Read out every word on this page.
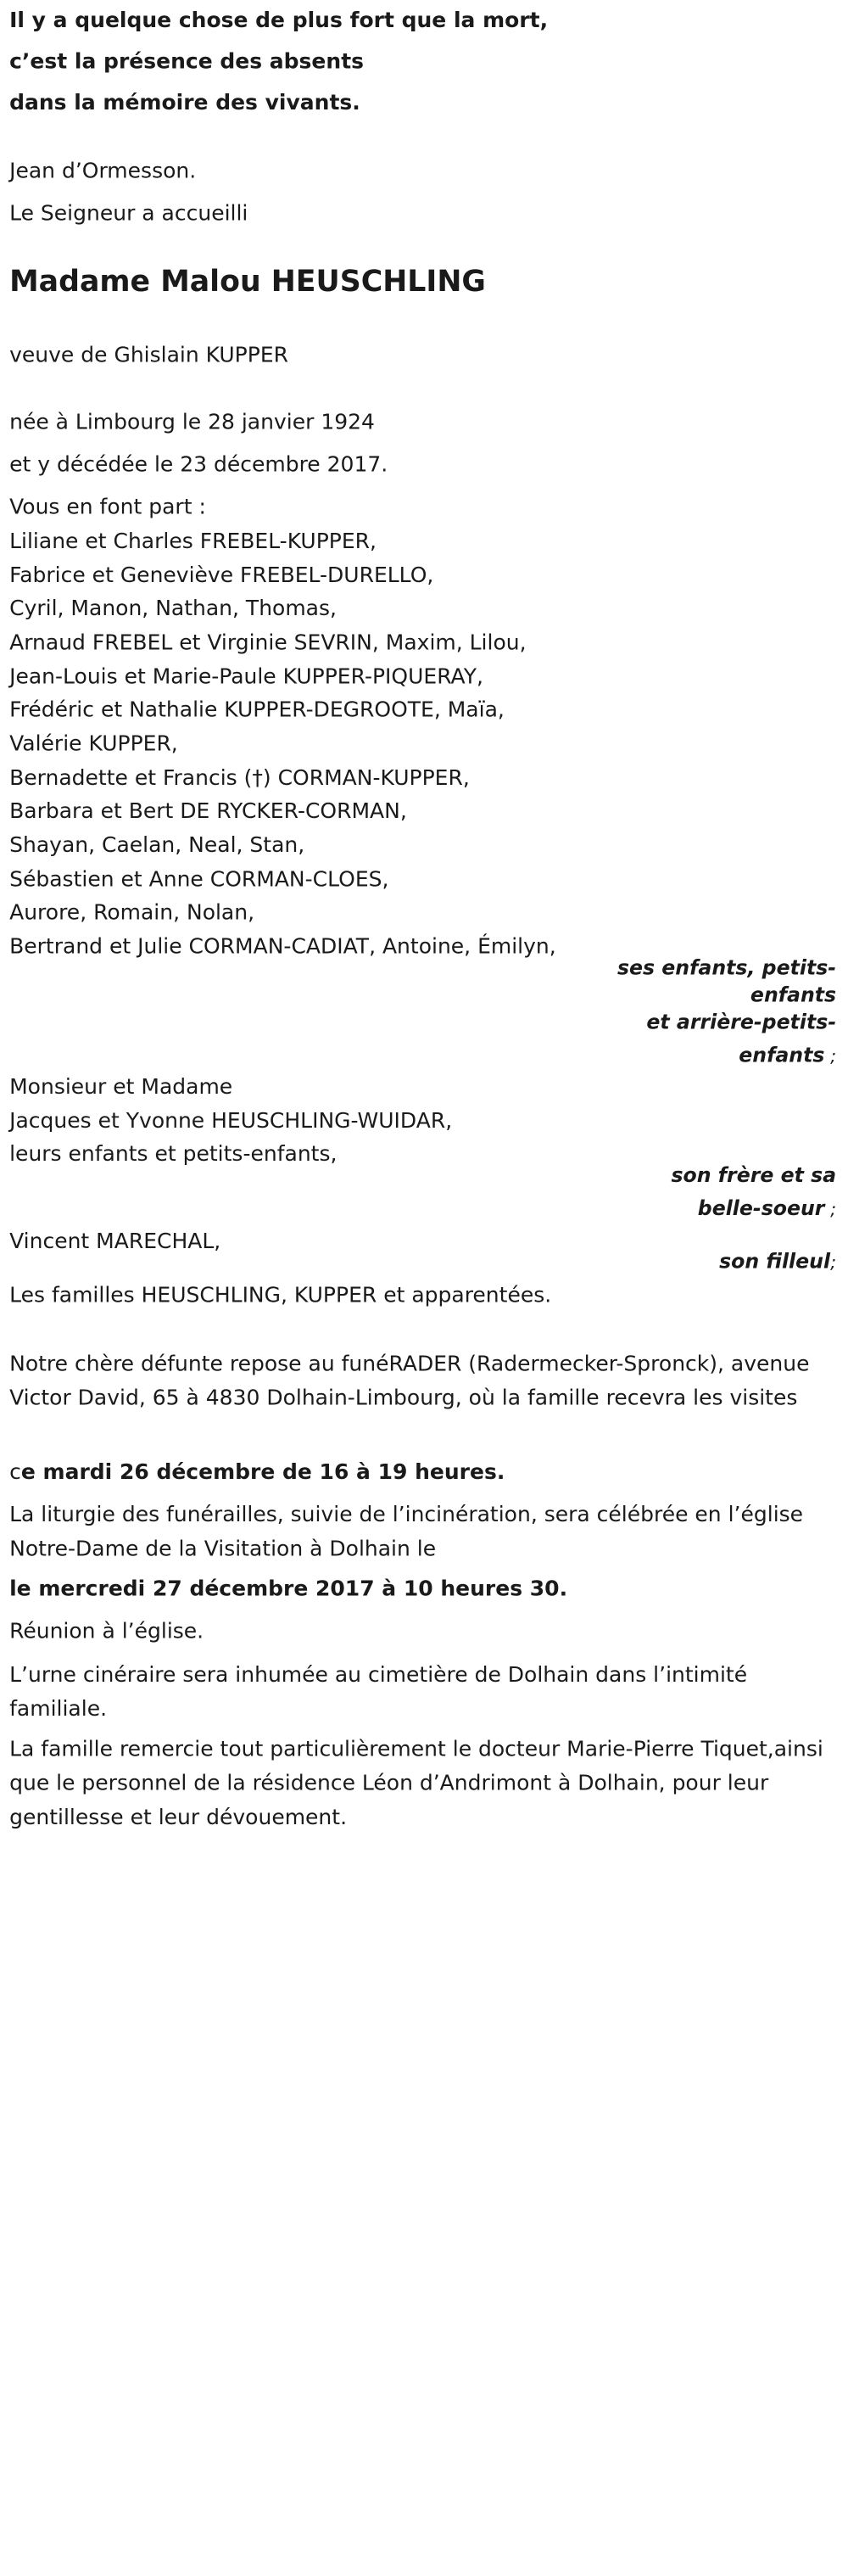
Il y a quelque chose de plus fort que la mort,
c’est la présence des absents
dans la mémoire des vivants.
Jean d’Ormesson.
Le Seigneur a accueilli
Madame Malou HEUSCHLING
veuve de Ghislain KUPPER
née à Limbourg le 28 janvier 1924
et y décédée le 23 décembre 2017.
Vous en font part :
Liliane et Charles FREBEL-KUPPER,
Fabrice et Geneviève FREBEL-DURELLO,
Cyril, Manon, Nathan, Thomas,
Arnaud FREBEL et Virginie SEVRIN, Maxim, Lilou,
Jean-Louis et Marie-Paule KUPPER-PIQUERAY,
Frédéric et Nathalie KUPPER-DEGROOTE, Maïa,
Valérie KUPPER,
Bernadette et Francis (†) CORMAN-KUPPER,
Barbara et Bert DE RYCKER-CORMAN,
Shayan, Caelan, Neal, Stan,
Sébastien et Anne CORMAN-CLOES,
Aurore, Romain, Nolan,
Bertrand et Julie CORMAN-CADIAT, Antoine, Émilyn,
ses enfants, petits-
enfants
et arrière-petits-
enfants ;
Monsieur et Madame
Jacques et Yvonne HEUSCHLING-WUIDAR,
leurs enfants et petits-enfants,
son frère et sa
belle-soeur ;
Vincent MARECHAL,
son filleul;
Les familles HEUSCHLING, KUPPER et apparentées.
Notre chère défunte repose au funéRADER (Radermecker-Spronck), avenue Victor David, 65 à 4830 Dolhain-Limbourg, où la famille recevra les visites
ce mardi 26 décembre de 16 à 19 heures.
La liturgie des funérailles, suivie de l’incinération, sera célébrée en l’église Notre-Dame de la Visitation à Dolhain le
le mercredi 27 décembre 2017 à 10 heures 30.
Réunion à l’église.
L’urne cinéraire sera inhumée au cimetière de Dolhain dans l’intimité familiale.
La famille remercie tout particulièrement le docteur Marie-Pierre Tiquet,ainsi que le personnel de la résidence Léon d’Andrimont à Dolhain, pour leur gentillesse et leur dévouement.
